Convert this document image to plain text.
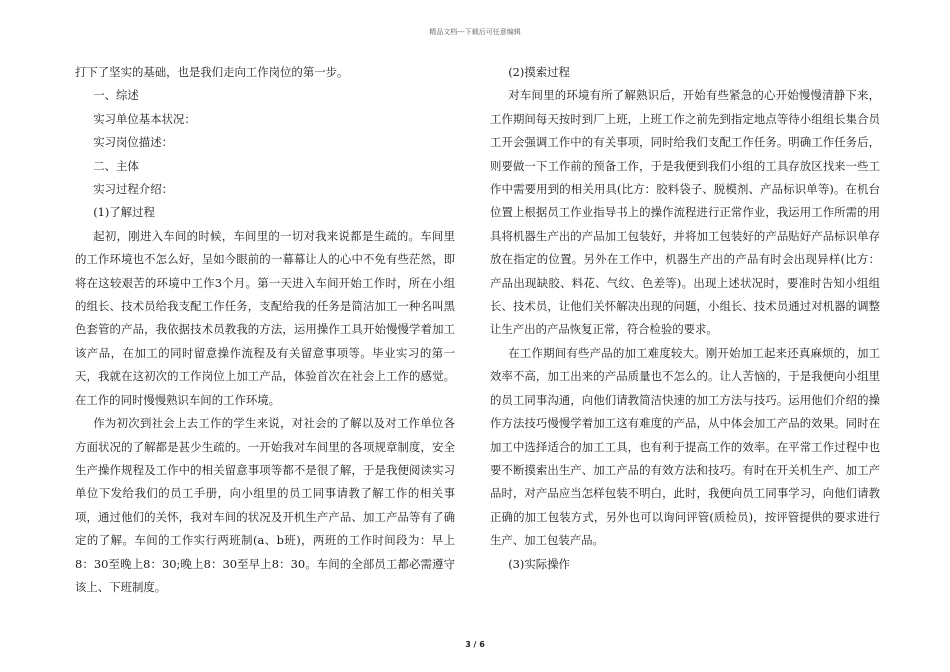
精品文档---下载后可任意编辑

打下了坚实的基础，也是我们走向工作岗位的第一步。

一、综述

实习单位基本状况：

实习岗位描述：

二、主体

实习过程介绍：

(1)了解过程

起初，刚进入车间的时候，车间里的一切对我来说都是生疏的。车间里的工作环境也不怎么好，呈如今眼前的一幕幕让人的心中不免有些茫然，即将在这较艰苦的环境中工作3个月。第一天进入车间开始工作时，所在小组的组长、技术员给我支配工作任务，支配给我的任务是简洁加工一种名叫黑色套管的产品，我依据技术员教我的方法，运用操作工具开始慢慢学着加工该产品，在加工的同时留意操作流程及有关留意事项等。毕业实习的第一天，我就在这初次的工作岗位上加工产品，体验首次在社会上工作的感觉。在工作的同时慢慢熟识车间的工作环境。

作为初次到社会上去工作的学生来说，对社会的了解以及对工作单位各方面状况的了解都是甚少生疏的。一开始我对车间里的各项规章制度，安全生产操作规程及工作中的相关留意事项等都不是很了解，于是我便阅读实习单位下发给我们的员工手册，向小组里的员工同事请教了解工作的相关事项，通过他们的关怀，我对车间的状况及开机生产产品、加工产品等有了确定的了解。车间的工作实行两班制(a、b班)，两班的工作时间段为：早上8：30至晚上8：30;晚上8：30至早上8：30。车间的全部员工都必需遵守该上、下班制度。

(2)摸索过程

对车间里的环境有所了解熟识后，开始有些紧急的心开始慢慢清静下来，工作期间每天按时到厂上班，上班工作之前先到指定地点等待小组组长集合员工开会强调工作中的有关事项，同时给我们支配工作任务。明确工作任务后，则要做一下工作前的预备工作，于是我便到我们小组的工具存放区找来一些工作中需要用到的相关用具(比方：胶料袋子、脱模剂、产品标识单等)。在机台位置上根据员工作业指导书上的操作流程进行正常作业，我运用工作所需的用具将机器生产出的产品加工包装好，并将加工包装好的产品贴好产品标识单存放在指定的位置。另外在工作中，机器生产出的产品有时会出现异样(比方：产品出现缺胶、料花、气纹、色差等)。出现上述状况时，要准时告知小组组长、技术员，让他们关怀解决出现的问题，小组长、技术员通过对机器的调整让生产出的产品恢复正常，符合检验的要求。

在工作期间有些产品的加工难度较大。刚开始加工起来还真麻烦的，加工效率不高，加工出来的产品质量也不怎么的。让人苦恼的，于是我便向小组里的员工同事沟通，向他们请教简洁快速的加工方法与技巧。运用他们介绍的操作方法技巧慢慢学着加工这有难度的产品，从中体会加工产品的效果。同时在加工中选择适合的加工工具，也有利于提高工作的效率。在平常工作过程中也要不断摸索出生产、加工产品的有效方法和技巧。有时在开关机生产、加工产品时，对产品应当怎样包装不明白，此时，我便向员工同事学习，向他们请教正确的加工包装方式，另外也可以询问评管(质检员)，按评管提供的要求进行生产、加工包装产品。

(3)实际操作

3 / 6
